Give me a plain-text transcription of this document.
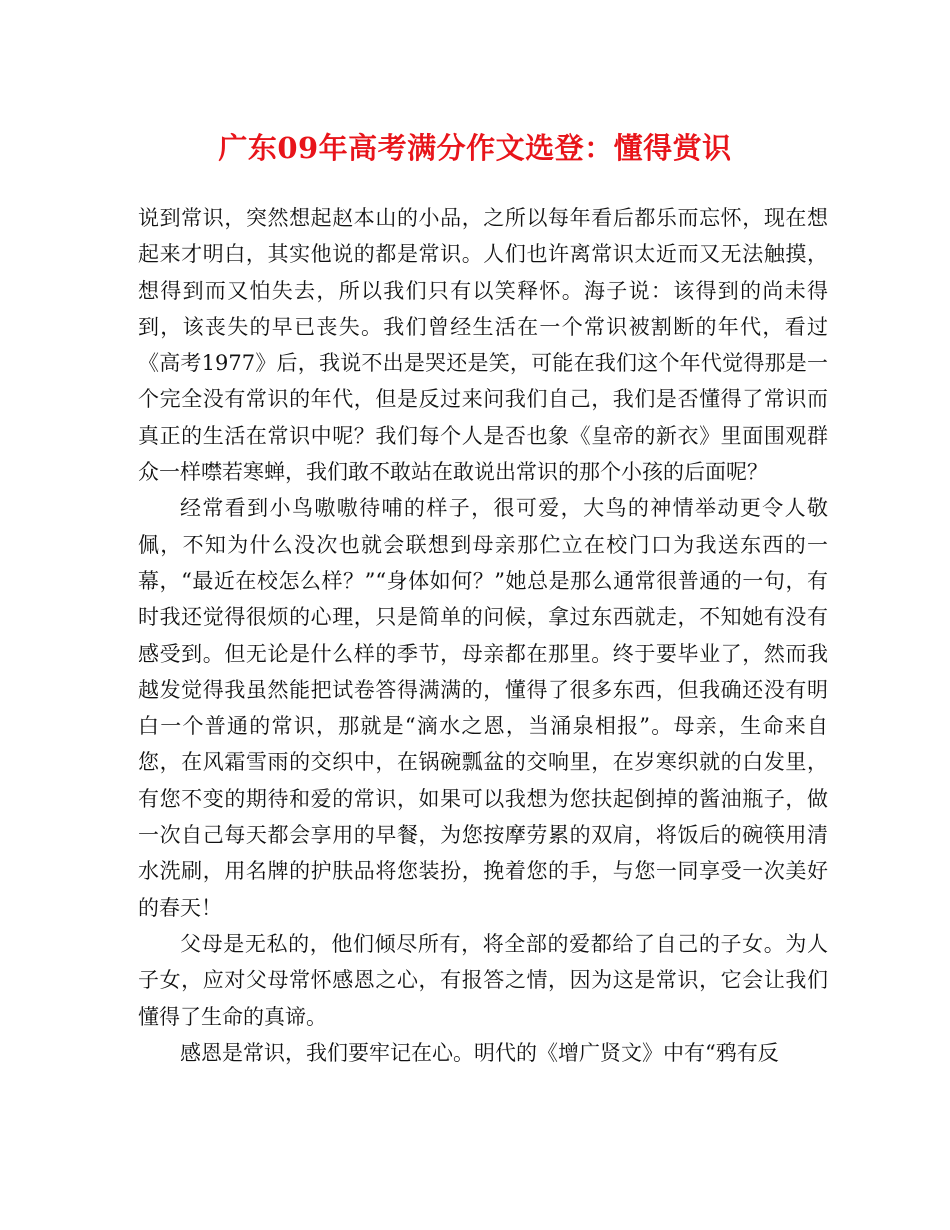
广东09年高考满分作文选登：懂得赏识

说到常识，突然想起赵本山的小品，之所以每年看后都乐而忘怀，现在想起来才明白，其实他说的都是常识。人们也许离常识太近而又无法触摸，想得到而又怕失去，所以我们只有以笑释怀。海子说：该得到的尚未得到，该丧失的早已丧失。我们曾经生活在一个常识被割断的年代，看过《高考1977》后，我说不出是哭还是笑，可能在我们这个年代觉得那是一个完全没有常识的年代，但是反过来问我们自己，我们是否懂得了常识而真正的生活在常识中呢？我们每个人是否也象《皇帝的新衣》里面围观群众一样噤若寒蝉，我们敢不敢站在敢说出常识的那个小孩的后面呢？

经常看到小鸟嗷嗷待哺的样子，很可爱，大鸟的神情举动更令人敬佩，不知为什么没次也就会联想到母亲那伫立在校门口为我送东西的一幕，“最近在校怎么样？”“身体如何？”她总是那么通常很普通的一句，有时我还觉得很烦的心理，只是简单的问候，拿过东西就走，不知她有没有感受到。但无论是什么样的季节，母亲都在那里。终于要毕业了，然而我越发觉得我虽然能把试卷答得满满的，懂得了很多东西，但我确还没有明白一个普通的常识，那就是“滴水之恩，当涌泉相报”。母亲，生命来自您，在风霜雪雨的交织中，在锅碗瓢盆的交响里，在岁寒织就的白发里，有您不变的期待和爱的常识，如果可以我想为您扶起倒掉的酱油瓶子，做一次自己每天都会享用的早餐，为您按摩劳累的双肩，将饭后的碗筷用清水洗刷，用名牌的护肤品将您装扮，挽着您的手，与您一同享受一次美好的春天！

父母是无私的，他们倾尽所有，将全部的爱都给了自己的子女。为人子女，应对父母常怀感恩之心，有报答之情，因为这是常识，它会让我们懂得了生命的真谛。

感恩是常识，我们要牢记在心。明代的《增广贤文》中有“鸦有反
